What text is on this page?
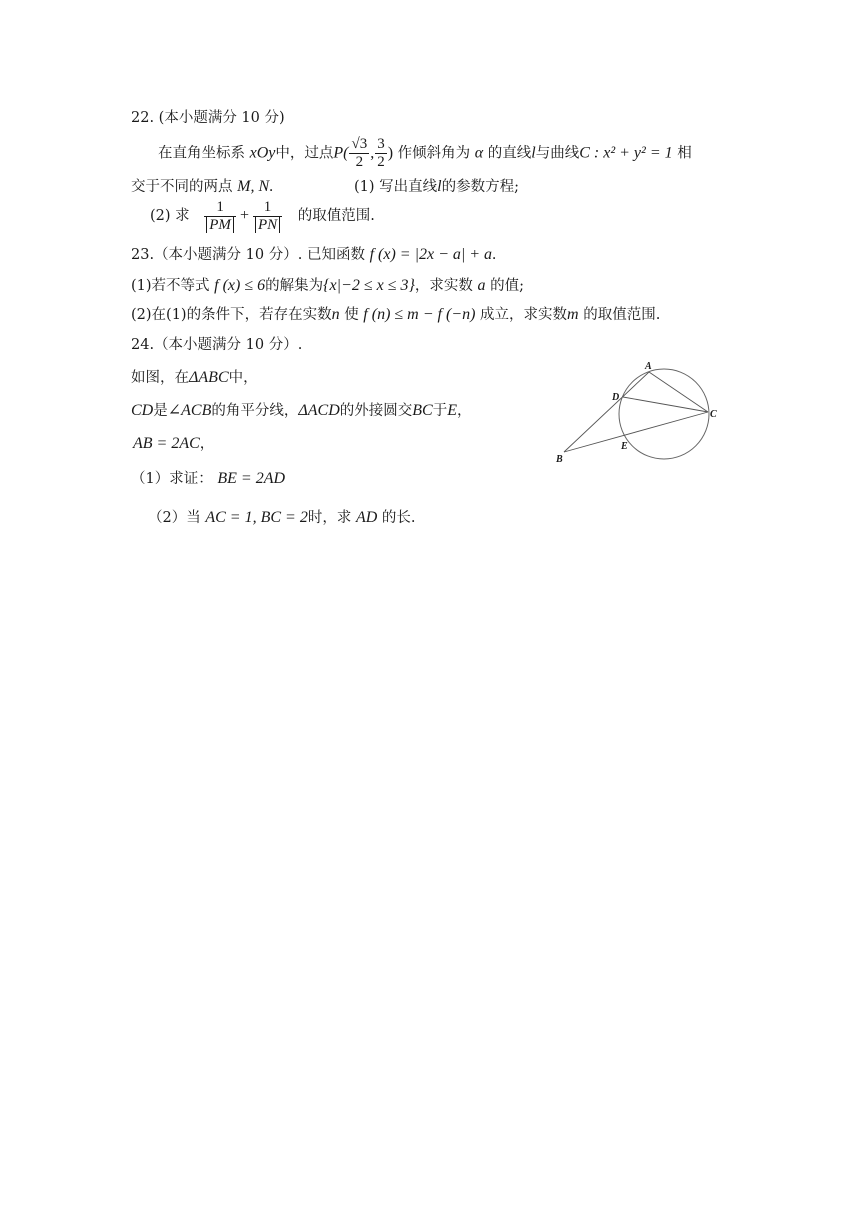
22. (本小题满分 10 分)
在直角坐标系 xOy中，过点$P( \frac{√3}{2}$ , $\frac{3}{2}$ ) 作倾斜角为 α 的直线l与曲线C : x² + y² = 1 相
交于不同的两点 M, N.	(1) 写出直线l的参数方程;
(2) 求 $\frac{1}{PM} + \frac{1}{PN}$ 的取值范围.
23.（本小题满分 10 分）. 已知函数 f (x) = |2x − a| + a.
(1)若不等式 f (x) ≤ 6的解集为{x|−2 ≤ x ≤ 3}，求实数 a 的值;
(2)在(1)的条件下，若存在实数n 使 f (n) ≤ m − f (−n) 成立，求实数m 的取值范围.
24.（本小题满分 10 分）.
如图，在ΔABC中，
CD是∠ACB的角平分线，ΔACD的外接圆交BC于E，
AB = 2AC，
（1）求证： BE = 2AD
（2）当 AC = 1, BC = 2时，求 AD 的长.
A
D
C
E
B
